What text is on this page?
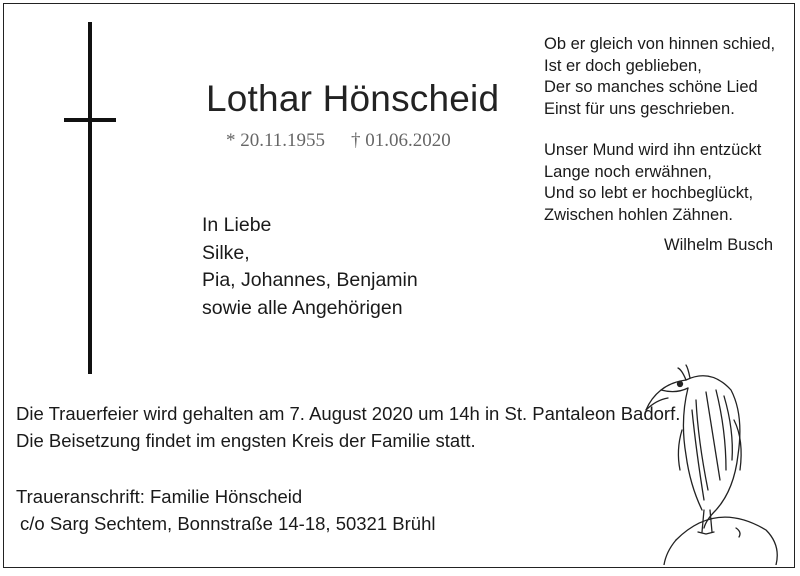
Lothar Hönscheid
* 20.11.1955 † 01.06.2020
In Liebe
Silke,
Pia, Johannes, Benjamin
sowie alle Angehörigen
Ob er gleich von hinnen schied,
Ist er doch geblieben,
Der so manches schöne Lied
Einst für uns geschrieben.
Unser Mund wird ihn entzückt
Lange noch erwähnen,
Und so lebt er hochbeglückt,
Zwischen hohlen Zähnen.
Wilhelm Busch
Die Trauerfeier wird gehalten am 7. August 2020 um 14h in St. Pantaleon Badorf.
Die Beisetzung findet im engsten Kreis der Familie statt.
Traueranschrift: Familie Hönscheid
c/o Sarg Sechtem, Bonnstraße 14-18, 50321 Brühl
